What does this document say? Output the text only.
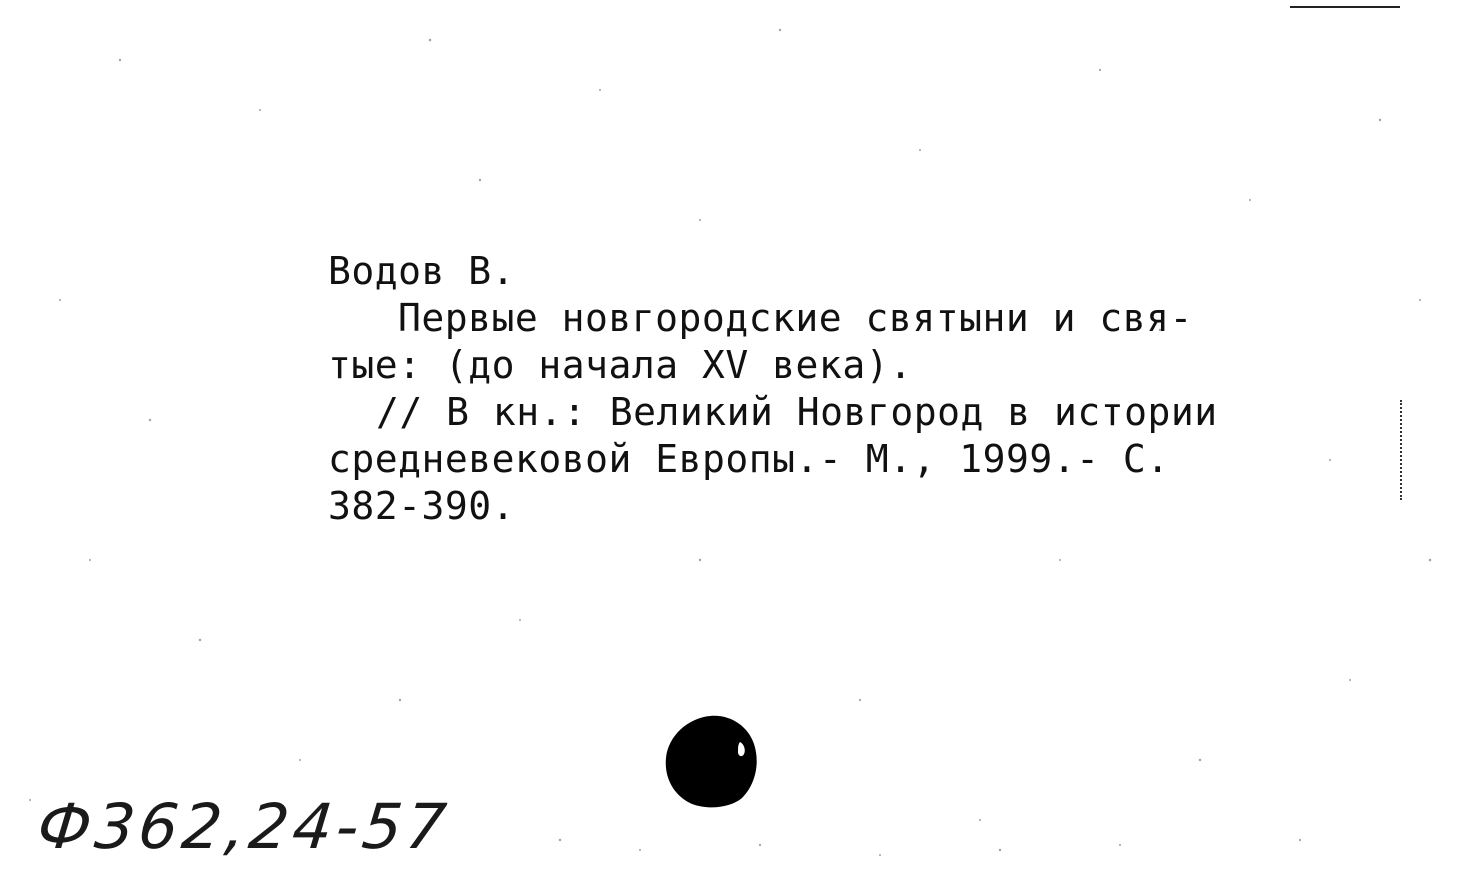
Водов В.
Первые новгородские святыни и свя-
тые: (до начала XV века).
// В кн.: Великий Новгород в истории
средневековой Европы.- М., 1999.- С.
382-390.
Ф362,24-57
